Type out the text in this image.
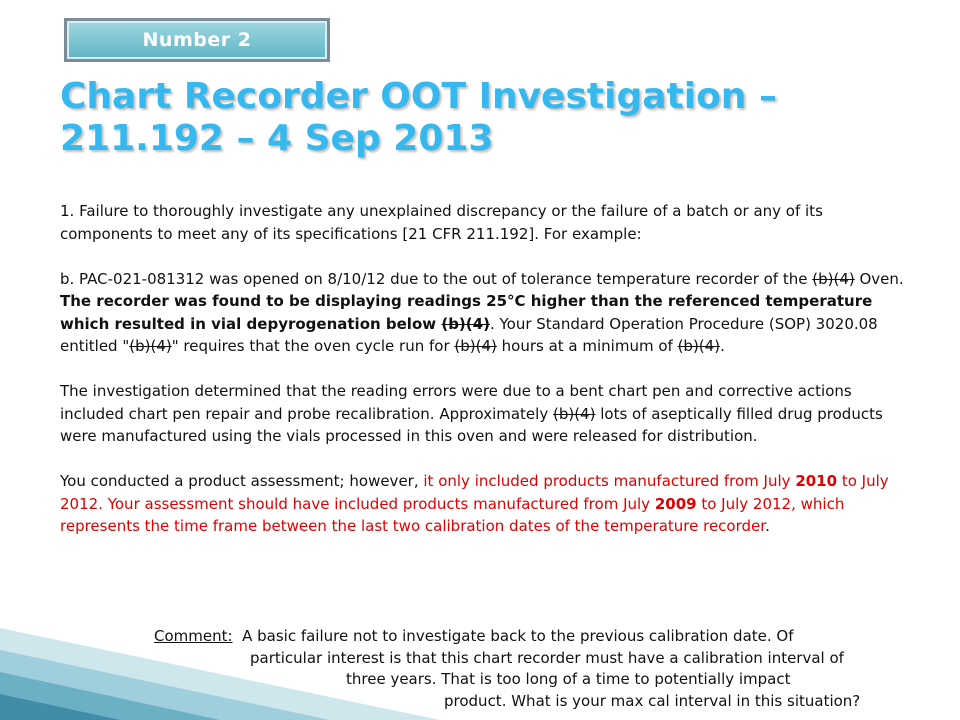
Number 2
Chart Recorder OOT Investigation – 211.192 – 4 Sep 2013

1. Failure to thoroughly investigate any unexplained discrepancy or the failure of a batch or any of its components to meet any of its specifications [21 CFR 211.192]. For example:

b. PAC-021-081312 was opened on 8/10/12 due to the out of tolerance temperature recorder of the (b)(4) Oven. The recorder was found to be displaying readings 25°C higher than the referenced temperature which resulted in vial depyrogenation below (b)(4). Your Standard Operation Procedure (SOP) 3020.08 entitled "(b)(4)" requires that the oven cycle run for (b)(4) hours at a minimum of (b)(4).

The investigation determined that the reading errors were due to a bent chart pen and corrective actions included chart pen repair and probe recalibration. Approximately (b)(4) lots of aseptically filled drug products were manufactured using the vials processed in this oven and were released for distribution.

You conducted a product assessment; however, it only included products manufactured from July 2010 to July 2012. Your assessment should have included products manufactured from July 2009 to July 2012, which represents the time frame between the last two calibration dates of the temperature recorder.

Comment: A basic failure not to investigate back to the previous calibration date. Of
particular interest is that this chart recorder must have a calibration interval of
three years. That is too long of a time to potentially impact
product. What is your max cal interval in this situation?
